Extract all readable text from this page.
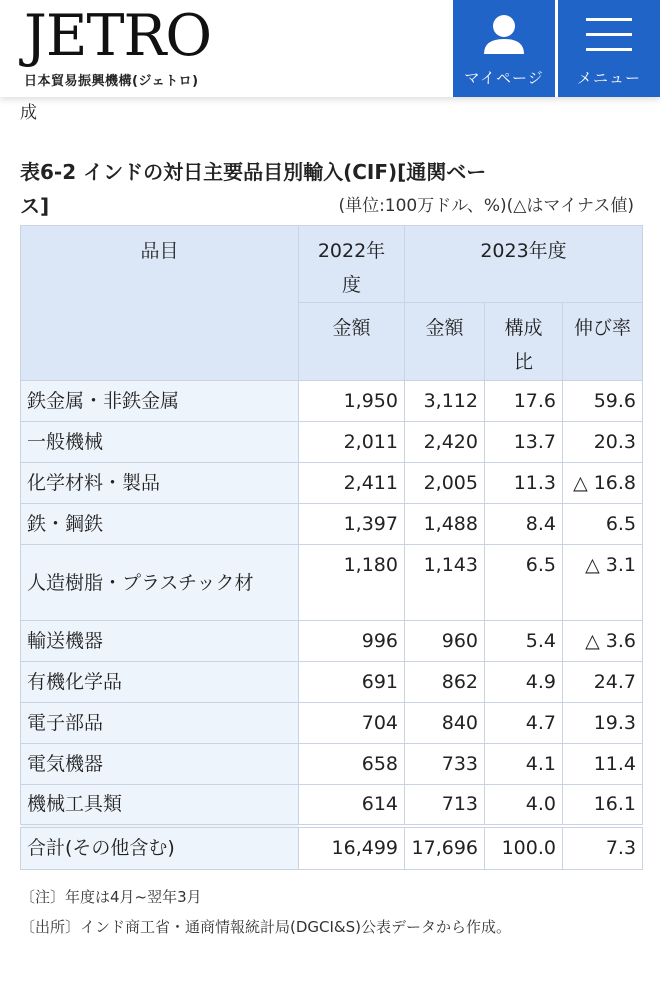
JETRO
日本貿易振興機構(ジェトロ)	マイページ	メニュー
成
表6-2 インドの対日主要品目別輸入(CIF)[通関ベー
ス]	(単位:100万ドル、%)(△はマイナス値)
品目	2022年度	2023年度		
	金額	金額	構成比	伸び率
鉄金属・非鉄金属	1,950	3,112	17.6	59.6
一般機械	2,011	2,420	13.7	20.3
化学材料・製品	2,411	2,005	11.3	△ 16.8
鉄・鋼鉄	1,397	1,488	8.4	6.5
人造樹脂・プラスチック材	1,180	1,143	6.5	△ 3.1
輸送機器	996	960	5.4	△ 3.6
有機化学品	691	862	4.9	24.7
電子部品	704	840	4.7	19.3
電気機器	658	733	4.1	11.4
機械工具類	614	713	4.0	16.1
合計(その他含む)	16,499	17,696	100.0	7.3
〔注〕年度は4月~翌年3月
〔出所〕インド商工省・通商情報統計局(DGCI&S)公表データから作成。
